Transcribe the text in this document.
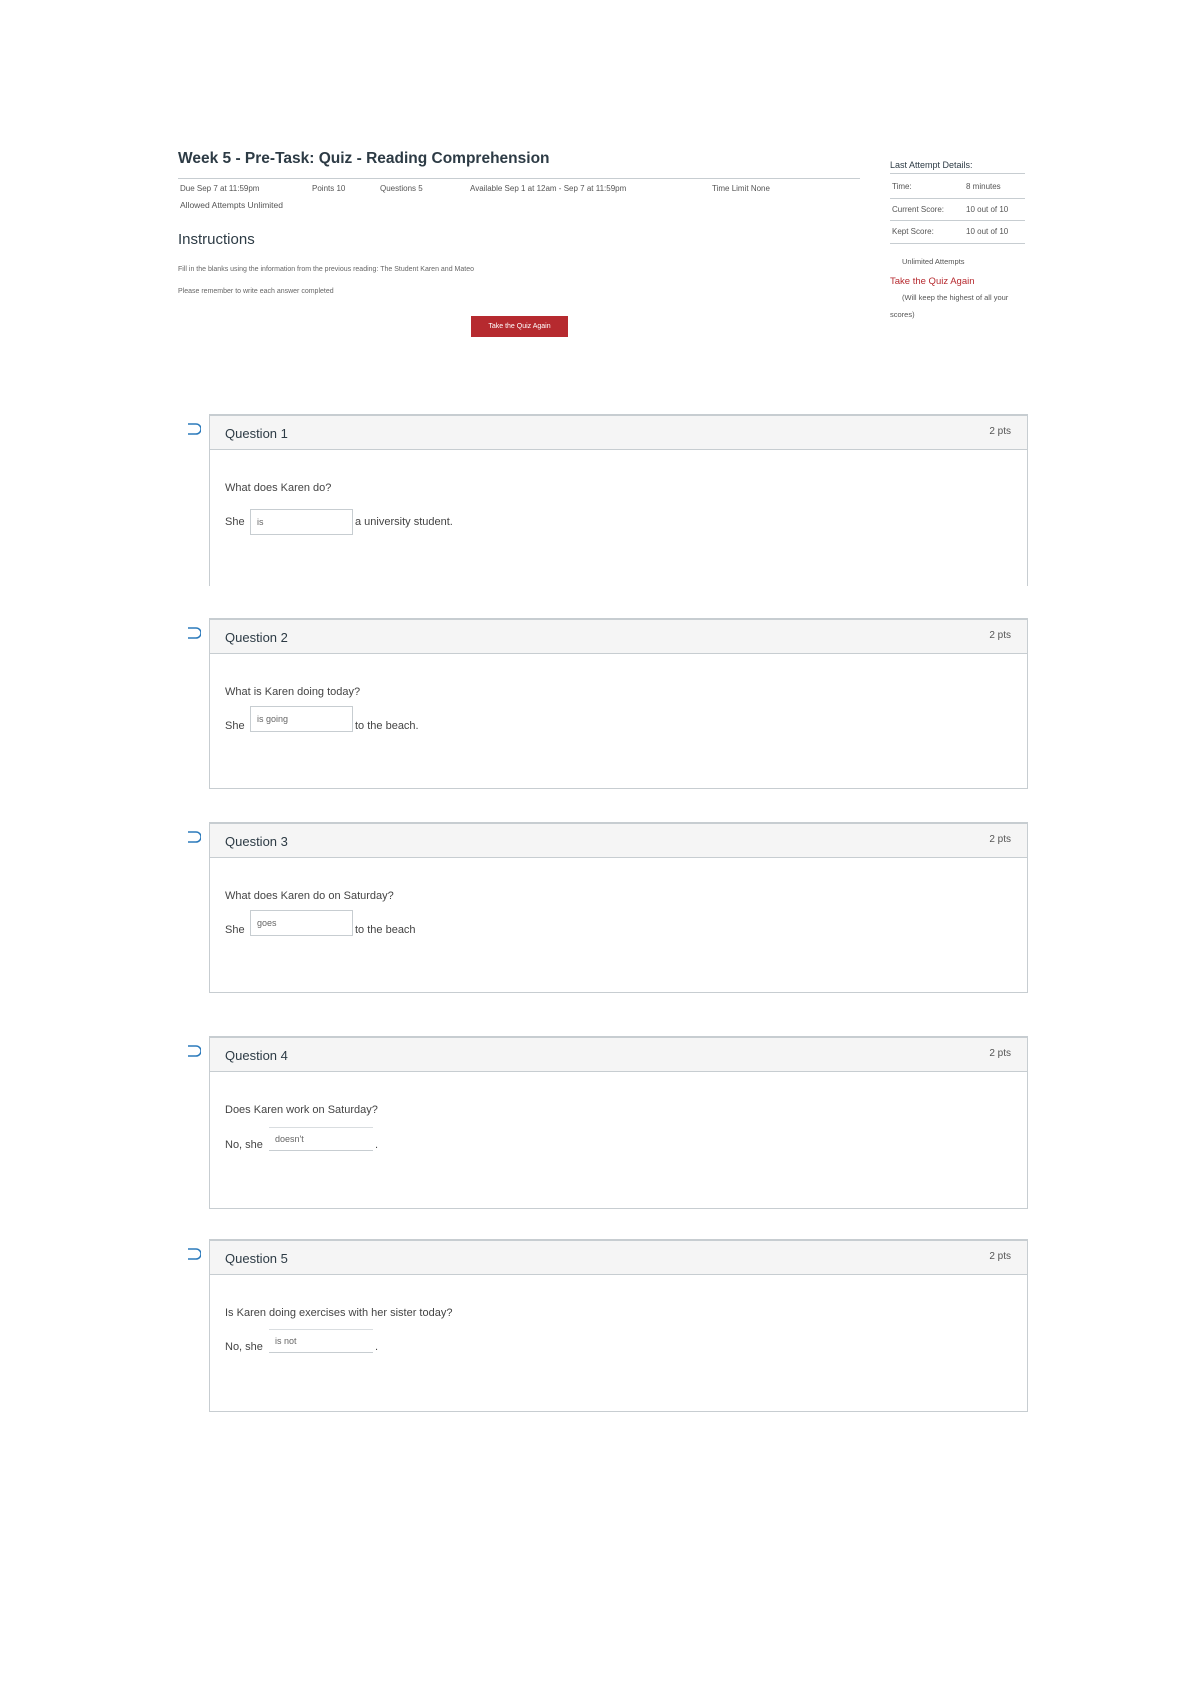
Week 5 - Pre-Task: Quiz - Reading Comprehension
Due Sep 7 at 11:59pm	Points 10	Questions 5	Available Sep 1 at 12am - Sep 7 at 11:59pm	Time Limit None
Allowed Attempts Unlimited
Instructions
Fill in the blanks using the information from the previous reading: The Student Karen and Mateo
Please remember to write each answer completed
Take the Quiz Again
Last Attempt Details:
Time:	8 minutes
Current Score:	10 out of 10
Kept Score:	10 out of 10
Unlimited Attempts
Take the Quiz Again
(Will keep the highest of all your
scores)
Question 1	2 pts
What does Karen do?
She
is	a university student.
Question 2	2 pts
What is Karen doing today?
She
is going	to the beach.
Question 3	2 pts
What does Karen do on Saturday?
She
goes	to the beach
Question 4	2 pts
Does Karen work on Saturday?
No, she
doesn't	.
Question 5	2 pts
Is Karen doing exercises with her sister today?
No, she
is not	.
